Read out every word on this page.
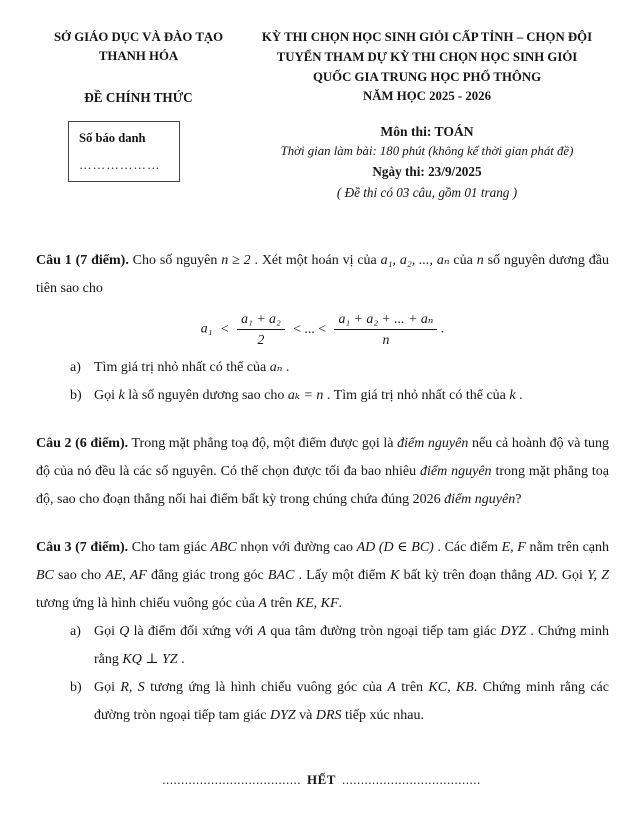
SỞ GIÁO DỤC VÀ ĐÀO TẠO
THANH HÓA
ĐỀ CHÍNH THỨC
Số báo danh
………………
KỲ THI CHỌN HỌC SINH GIỎI CẤP TỈNH – CHỌN ĐỘI
TUYỂN THAM DỰ KỲ THI CHỌN HỌC SINH GIỎI
QUỐC GIA TRUNG HỌC PHỔ THÔNG
NĂM HỌC 2025 - 2026
Môn thi: TOÁN
Thời gian làm bài: 180 phút (không kể thời gian phát đề)
Ngày thi: 23/9/2025
( Đề thi có 03 câu, gồm 01 trang )

Câu 1 (7 điểm). Cho số nguyên n ≥ 2 . Xét một hoán vị của a₁, a₂, ..., aₙ của n số nguyên dương đầu tiên sao cho

$a_1 < \frac{\text{a₁ + a₂}}{2}$ < ... < $\frac{\text{a₁ + a₂ + ... + aₙ}}{n}$ .
a) Tìm giá trị nhỏ nhất có thể của aₙ .
b) Gọi k là số nguyên dương sao cho aₖ = n . Tìm giá trị nhỏ nhất có thể của k .

Câu 2 (6 điểm). Trong mặt phẳng toạ độ, một điểm được gọi là điểm nguyên nếu cả hoành độ và tung độ của nó đều là các số nguyên. Có thể chọn được tối đa bao nhiêu điểm nguyên trong mặt phẳng toạ độ, sao cho đoạn thẳng nối hai điểm bất kỳ trong chúng chứa đúng 2026 điểm nguyên?

Câu 3 (7 điểm). Cho tam giác ABC nhọn với đường cao AD (D ∈ BC) . Các điểm E, F nằm trên cạnh BC sao cho AE, AF đẳng giác trong góc BAC . Lấy một điểm K bất kỳ trên đoạn thẳng AD. Gọi Y, Z tương ứng là hình chiếu vuông góc của A trên KE, KF.

a) Gọi Q là điểm đối xứng với A qua tâm đường tròn ngoại tiếp tam giác DYZ . Chứng minh rằng KQ ⊥ YZ .
b) Gọi R, S tương ứng là hình chiếu vuông góc của A trên KC, KB. Chứng minh rằng các đường tròn ngoại tiếp tam giác DYZ và DRS tiếp xúc nhau.
..................................... HẾT .....................................
